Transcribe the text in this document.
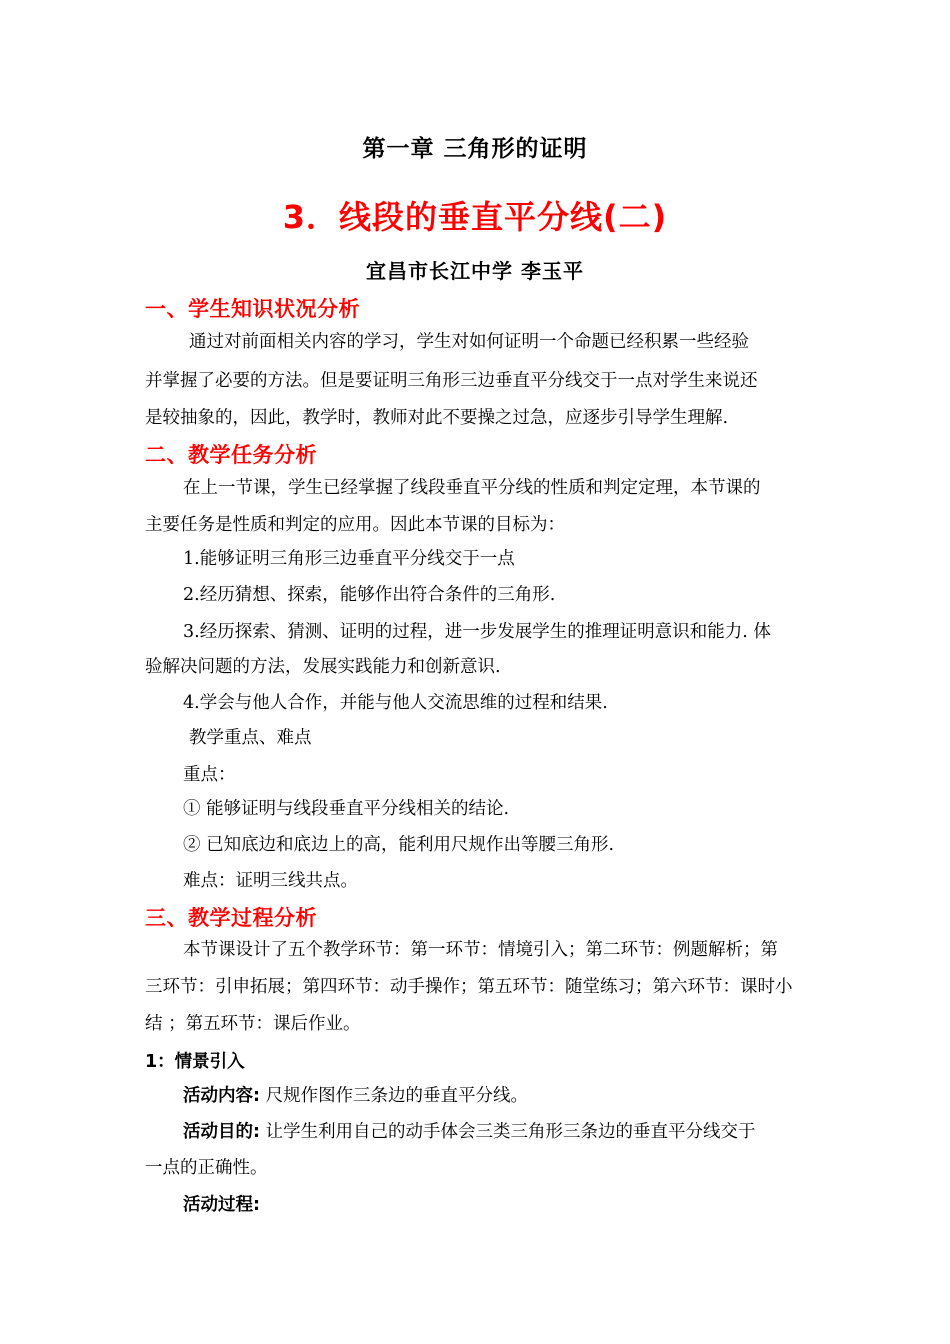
第一章 三角形的证明
3．线段的垂直平分线(二)
宜昌市长江中学 李玉平
一、学生知识状况分析
通过对前面相关内容的学习，学生对如何证明一个命题已经积累一些经验
并掌握了必要的方法。但是要证明三角形三边垂直平分线交于一点对学生来说还
是较抽象的，因此，教学时，教师对此不要操之过急，应逐步引导学生理解.
二、教学任务分析
在上一节课，学生已经掌握了线段垂直平分线的性质和判定定理，本节课的
主要任务是性质和判定的应用。因此本节课的目标为：
1.能够证明三角形三边垂直平分线交于一点
2.经历猜想、探索，能够作出符合条件的三角形.
3.经历探索、猜测、证明的过程，进一步发展学生的推理证明意识和能力. 体
验解决问题的方法，发展实践能力和创新意识.
4.学会与他人合作，并能与他人交流思维的过程和结果.
教学重点、难点
重点：
① 能够证明与线段垂直平分线相关的结论.
② 已知底边和底边上的高，能利用尺规作出等腰三角形.
难点：证明三线共点。
三、教学过程分析
本节课设计了五个教学环节：第一环节：情境引入；第二环节：例题解析；第
三环节：引申拓展；第四环节：动手操作；第五环节：随堂练习；第六环节：课时小
结 ；第五环节：课后作业。
1：情景引入
活动内容: 尺规作图作三条边的垂直平分线。
活动目的: 让学生利用自己的动手体会三类三角形三条边的垂直平分线交于
一点的正确性。
活动过程:
